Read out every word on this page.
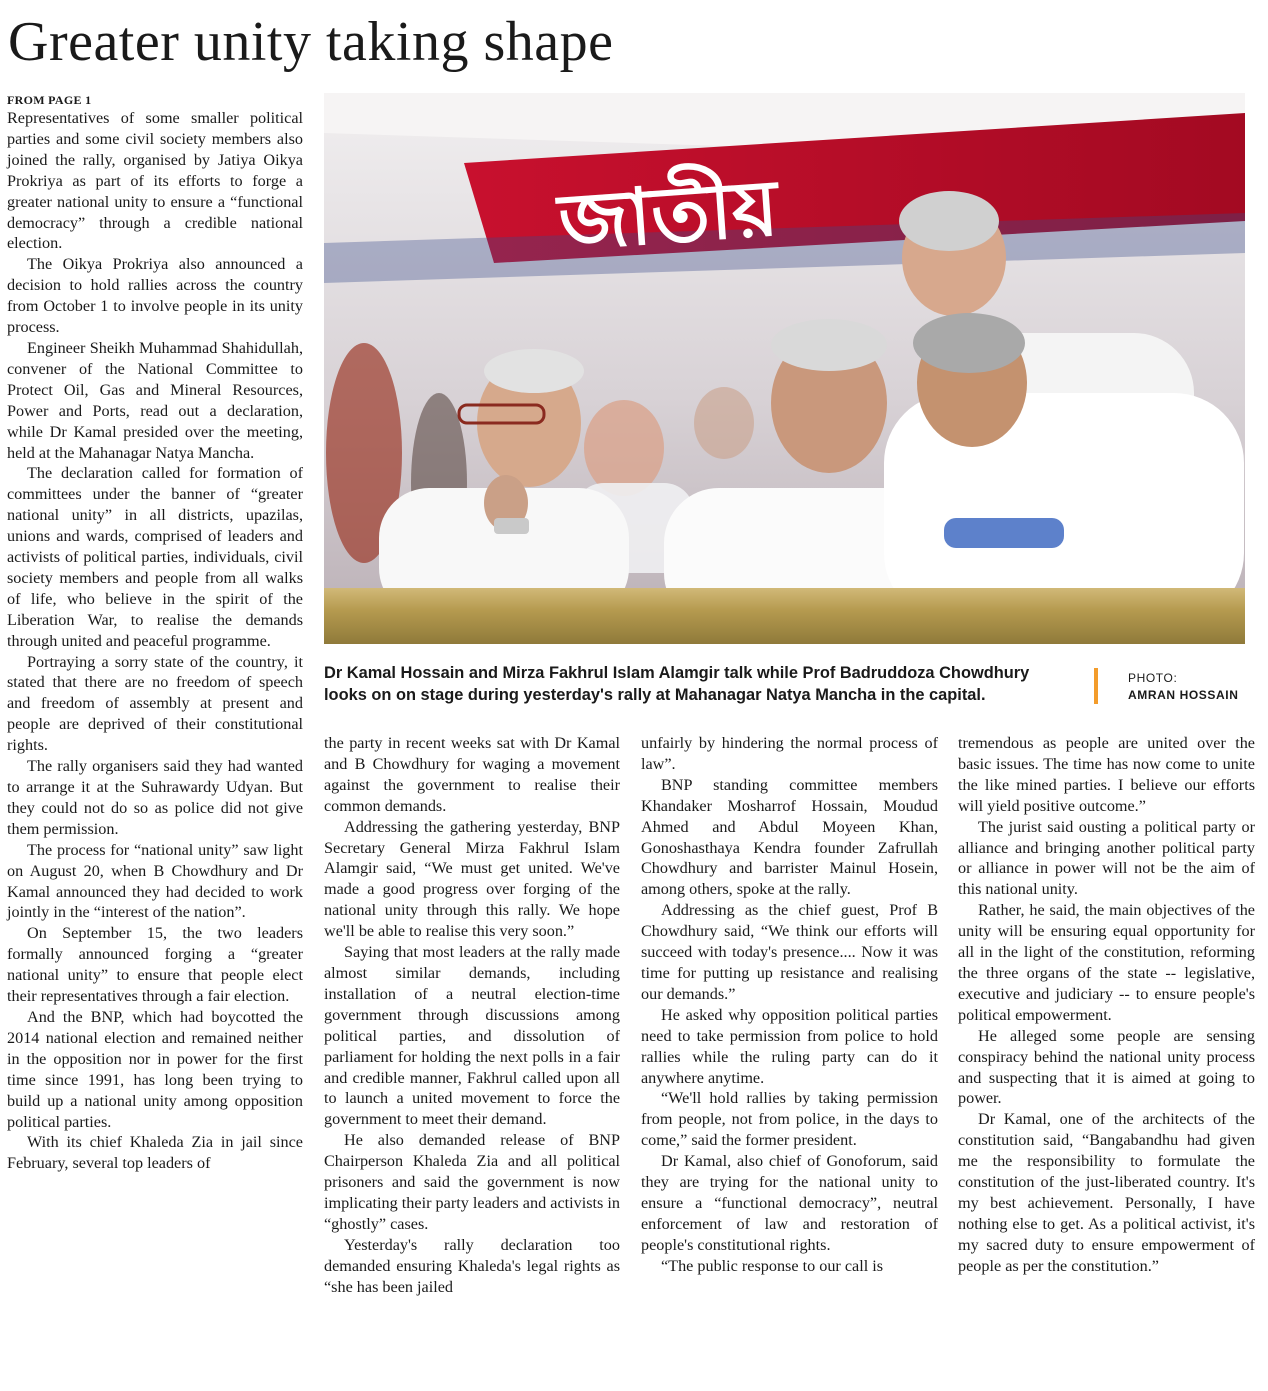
Greater unity taking shape
FROM PAGE 1

Representatives of some smaller political parties and some civil society members also joined the rally, organised by Jatiya Oikya Prokriya as part of its efforts to forge a greater national unity to ensure a “functional democracy” through a credible national election.

The Oikya Prokriya also announced a decision to hold rallies across the country from October 1 to involve people in its unity process.

Engineer Sheikh Muhammad Shahidullah, convener of the National Committee to Protect Oil, Gas and Mineral Resources, Power and Ports, read out a declaration, while Dr Kamal presided over the meeting, held at the Mahanagar Natya Mancha.

The declaration called for formation of committees under the banner of “greater national unity” in all districts, upazilas, unions and wards, comprised of leaders and activists of political parties, individuals, civil society members and people from all walks of life, who believe in the spirit of the Liberation War, to realise the demands through united and peaceful programme.

Portraying a sorry state of the country, it stated that there are no freedom of speech and freedom of assembly at present and people are deprived of their constitutional rights.

The rally organisers said they had wanted to arrange it at the Suhrawardy Udyan. But they could not do so as police did not give them permission.

The process for “national unity” saw light on August 20, when B Chowdhury and Dr Kamal announced they had decided to work jointly in the “interest of the nation”.

On September 15, the two leaders formally announced forging a “greater national unity” to ensure that people elect their representatives through a fair election.

And the BNP, which had boycotted the 2014 national election and remained neither in the opposition nor in power for the first time since 1991, has long been trying to build up a national unity among opposition political parties.

With its chief Khaleda Zia in jail since February, several top leaders of

জাতীয়
Dr Kamal Hossain and Mirza Fakhrul Islam Alamgir talk while Prof Badruddoza Chowdhury looks on on stage during yesterday's rally at Mahanagar Natya Mancha in the capital.
PHOTO:
AMRAN HOSSAIN

the party in recent weeks sat with Dr Kamal and B Chowdhury for waging a movement against the government to realise their common demands.

Addressing the gathering yesterday, BNP Secretary General Mirza Fakhrul Islam Alamgir said, “We must get united. We've made a good progress over forging of the national unity through this rally. We hope we'll be able to realise this very soon.”

Saying that most leaders at the rally made almost similar demands, including installation of a neutral election-time government through discussions among political parties, and dissolution of parliament for holding the next polls in a fair and credible manner, Fakhrul called upon all to launch a united movement to force the government to meet their demand.

He also demanded release of BNP Chairperson Khaleda Zia and all political prisoners and said the government is now implicating their party leaders and activists in “ghostly” cases.

Yesterday's rally declaration too demanded ensuring Khaleda's legal rights as “she has been jailed

unfairly by hindering the normal process of law”.

BNP standing committee members Khandaker Mosharrof Hossain, Moudud Ahmed and Abdul Moyeen Khan, Gonoshasthaya Kendra founder Zafrullah Chowdhury and barrister Mainul Hosein, among others, spoke at the rally.

Addressing as the chief guest, Prof B Chowdhury said, “We think our efforts will succeed with today's presence.... Now it was time for putting up resistance and realising our demands.”

He asked why opposition political parties need to take permission from police to hold rallies while the ruling party can do it anywhere anytime.

“We'll hold rallies by taking permission from people, not from police, in the days to come,” said the former president.

Dr Kamal, also chief of Gonoforum, said they are trying for the national unity to ensure a “functional democracy”, neutral enforcement of law and restoration of people's constitutional rights.

“The public response to our call is

tremendous as people are united over the basic issues. The time has now come to unite the like mined parties. I believe our efforts will yield positive outcome.”

The jurist said ousting a political party or alliance and bringing another political party or alliance in power will not be the aim of this national unity.

Rather, he said, the main objectives of the unity will be ensuring equal opportunity for all in the light of the constitution, reforming the three organs of the state -- legislative, executive and judiciary -- to ensure people's political empowerment.

He alleged some people are sensing conspiracy behind the national unity process and suspecting that it is aimed at going to power.

Dr Kamal, one of the architects of the constitution said, “Bangabandhu had given me the responsibility to formulate the constitution of the just-liberated country. It's my best achievement. Personally, I have nothing else to get. As a political activist, it's my sacred duty to ensure empowerment of people as per the constitution.”
